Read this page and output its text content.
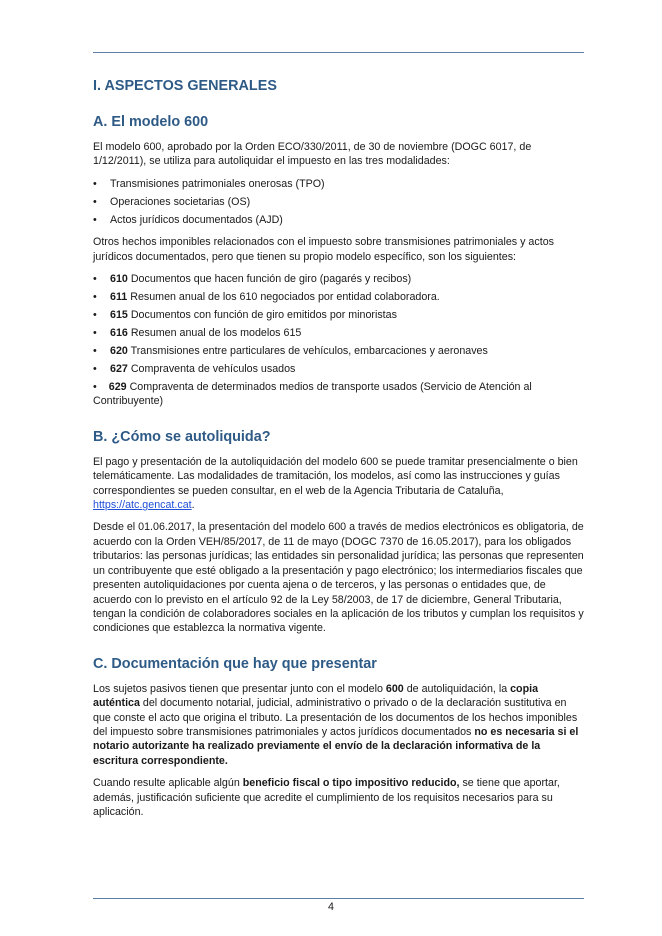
I. ASPECTOS GENERALES
A. El modelo 600

El modelo 600, aprobado por la Orden ECO/330/2011, de 30 de noviembre (DOGC 6017, de 1/12/2011), se utiliza para autoliquidar el impuesto en las tres modalidades:

• Transmisiones patrimoniales onerosas (TPO)
• Operaciones societarias (OS)
• Actos jurídicos documentados (AJD)

Otros hechos imponibles relacionados con el impuesto sobre transmisiones patrimoniales y actos jurídicos documentados, pero que tienen su propio modelo específico, son los siguientes:

• 610 Documentos que hacen función de giro (pagarés y recibos)
• 611 Resumen anual de los 610 negociados por entidad colaboradora.
• 615 Documentos con función de giro emitidos por minoristas
• 616 Resumen anual de los modelos 615
• 620 Transmisiones entre particulares de vehículos, embarcaciones y aeronaves
• 627 Compraventa de vehículos usados
• 629 Compraventa de determinados medios de transporte usados (Servicio de Atención al Contribuyente)
B. ¿Cómo se autoliquida?

El pago y presentación de la autoliquidación del modelo 600 se puede tramitar presencialmente o bien telemáticamente. Las modalidades de tramitación, los modelos, así como las instrucciones y guías correspondientes se pueden consultar, en el web de la Agencia Tributaria de Cataluña, https://atc.gencat.cat.

Desde el 01.06.2017, la presentación del modelo 600 a través de medios electrónicos es obligatoria, de acuerdo con la Orden VEH/85/2017, de 11 de mayo (DOGC 7370 de 16.05.2017), para los obligados tributarios: las personas jurídicas; las entidades sin personalidad jurídica; las personas que representen un contribuyente que esté obligado a la presentación y pago electrónico; los intermediarios fiscales que presenten autoliquidaciones por cuenta ajena o de terceros, y las personas o entidades que, de acuerdo con lo previsto en el artículo 92 de la Ley 58/2003, de 17 de diciembre, General Tributaria, tengan la condición de colaboradores sociales en la aplicación de los tributos y cumplan los requisitos y condiciones que establezca la normativa vigente.

C. Documentación que hay que presentar

Los sujetos pasivos tienen que presentar junto con el modelo 600 de autoliquidación, la copia auténtica del documento notarial, judicial, administrativo o privado o de la declaración sustitutiva en que conste el acto que origina el tributo. La presentación de los documentos de los hechos imponibles del impuesto sobre transmisiones patrimoniales y actos jurídicos documentados no es necesaria si el notario autorizante ha realizado previamente el envío de la declaración informativa de la escritura correspondiente.

Cuando resulte aplicable algún beneficio fiscal o tipo impositivo reducido, se tiene que aportar, además, justificación suficiente que acredite el cumplimiento de los requisitos necesarios para su aplicación.

4
